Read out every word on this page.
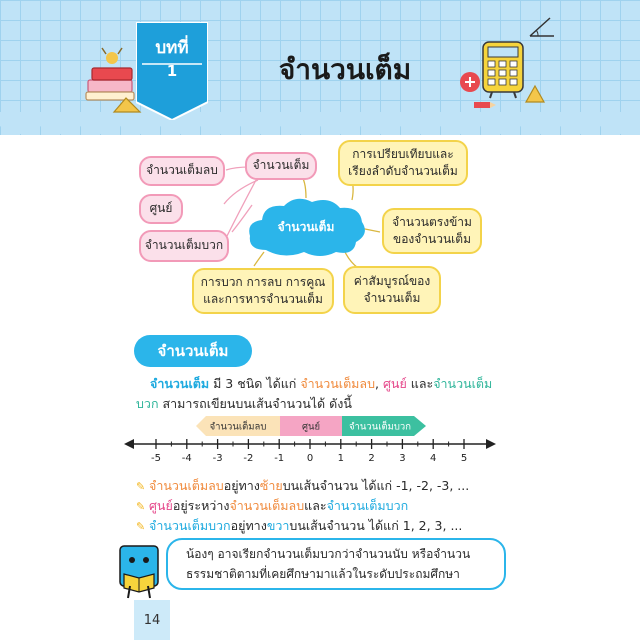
บทที่
1	จำนวนเต็ม
จำนวนเต็ม
จำนวนเต็ม
จำนวนเต็มลบ
ศูนย์
จำนวนเต็มบวก
การเปรียบเทียบและ
เรียงลำดับจำนวนเต็ม
จำนวนตรงข้าม
ของจำนวนเต็ม
ค่าสัมบูรณ์ของ
จำนวนเต็ม
การบวก การลบ การคูณ
และการหารจำนวนเต็ม
จำนวนเต็ม
จำนวนเต็ม มี 3 ชนิด ได้แก่ จำนวนเต็มลบ, ศูนย์ และจำนวนเต็ม
บวก สามารถเขียนบนเส้นจำนวนได้ ดังนี้
จำนวนเต็มลบ	ศูนย์	จำนวนเต็มบวก
-5 -4 -3 -2 -1 0 1 2 3 4 5
✎ จำนวนเต็มลบอยู่ทางซ้ายบนเส้นจำนวน ได้แก่ -1, -2, -3, ...
✎ ศูนย์อยู่ระหว่างจำนวนเต็มลบและจำนวนเต็มบวก
✎ จำนวนเต็มบวกอยู่ทางขวาบนเส้นจำนวน ได้แก่ 1, 2, 3, ...
น้องๆ อาจเรียกจำนวนเต็มบวกว่าจำนวนนับ หรือจำนวน
ธรรมชาติตามที่เคยศึกษามาแล้วในระดับประถมศึกษา
14
